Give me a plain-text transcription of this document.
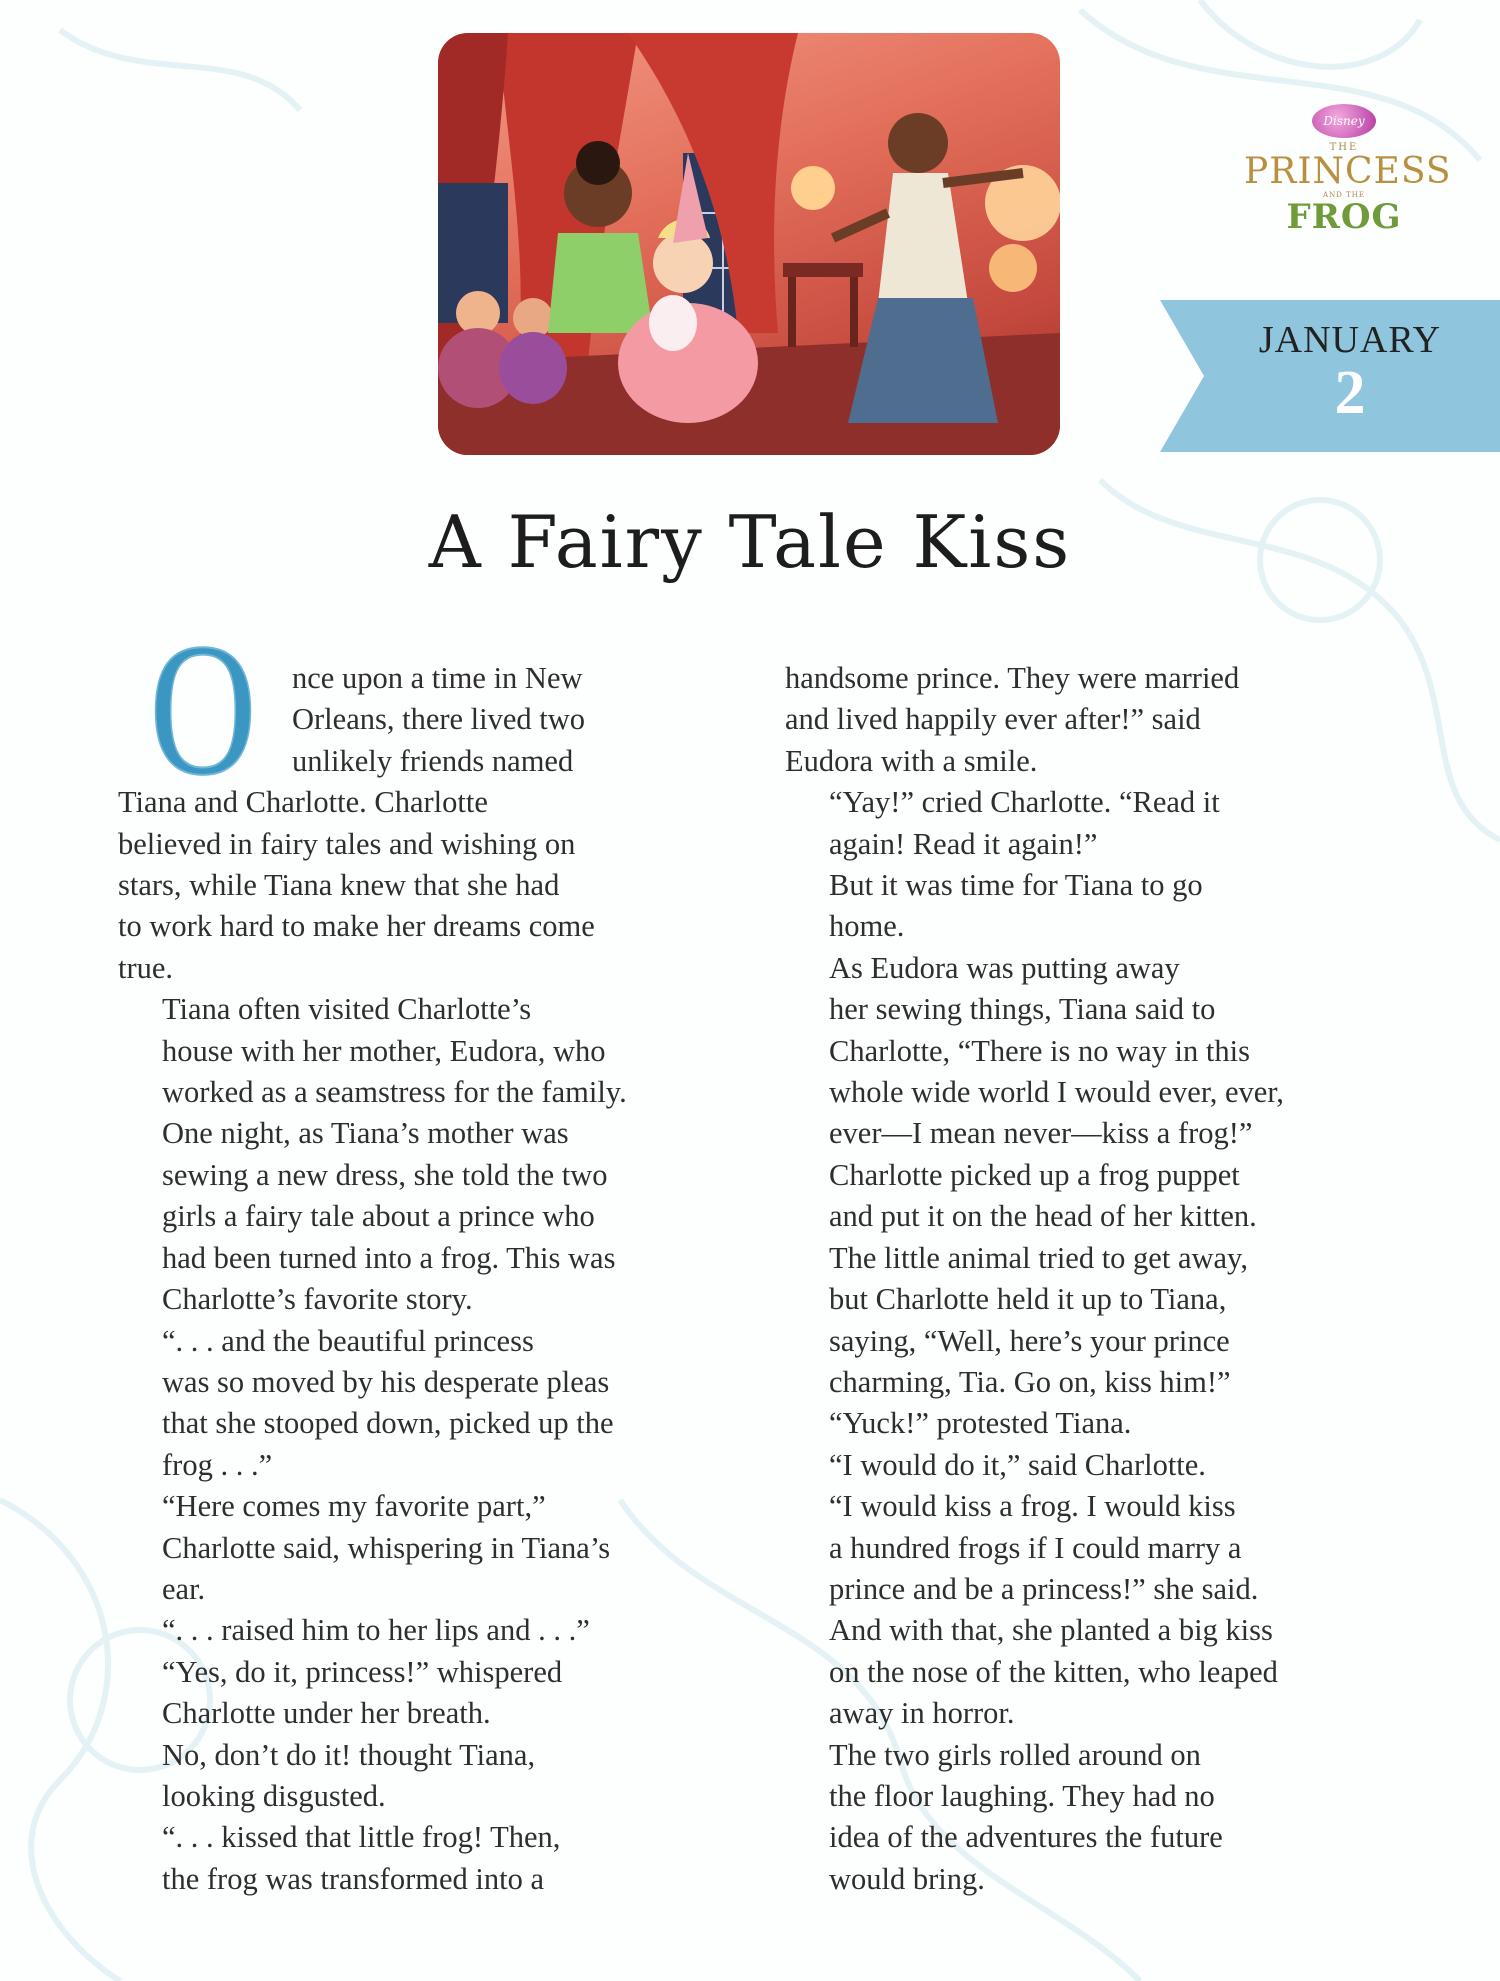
Disney
THE
PRINCESS
AND THE
FROG
JANUARY
2
A Fairy Tale Kiss
O	nce upon a time in New
Orleans, there lived two
unlikely friends named
Tiana and Charlotte. Charlotte
believed in fairy tales and wishing on
stars, while Tiana knew that she had
to work hard to make her dreams come
true.

Tiana often visited Charlotte’s
house with her mother, Eudora, who
worked as a seamstress for the family.
One night, as Tiana’s mother was
sewing a new dress, she told the two
girls a fairy tale about a prince who
had been turned into a frog. This was
Charlotte’s favorite story.

“. . . and the beautiful princess
was so moved by his desperate pleas
that she stooped down, picked up the
frog . . .”

“Here comes my favorite part,”
Charlotte said, whispering in Tiana’s
ear.

“. . . raised him to her lips and . . .”

“Yes, do it, princess!” whispered
Charlotte under her breath.

No, don’t do it! thought Tiana,
looking disgusted.

“. . . kissed that little frog! Then,
the frog was transformed into a

handsome prince. They were married
and lived happily ever after!” said
Eudora with a smile.

“Yay!” cried Charlotte. “Read it
again! Read it again!”

But it was time for Tiana to go
home.

As Eudora was putting away
her sewing things, Tiana said to
Charlotte, “There is no way in this
whole wide world I would ever, ever,
ever—I mean never—kiss a frog!”

Charlotte picked up a frog puppet
and put it on the head of her kitten.
The little animal tried to get away,
but Charlotte held it up to Tiana,
saying, “Well, here’s your prince
charming, Tia. Go on, kiss him!”

“Yuck!” protested Tiana.

“I would do it,” said Charlotte.
“I would kiss a frog. I would kiss
a hundred frogs if I could marry a
prince and be a princess!” she said.
And with that, she planted a big kiss
on the nose of the kitten, who leaped
away in horror.

The two girls rolled around on
the floor laughing. They had no
idea of the adventures the future
would bring.
